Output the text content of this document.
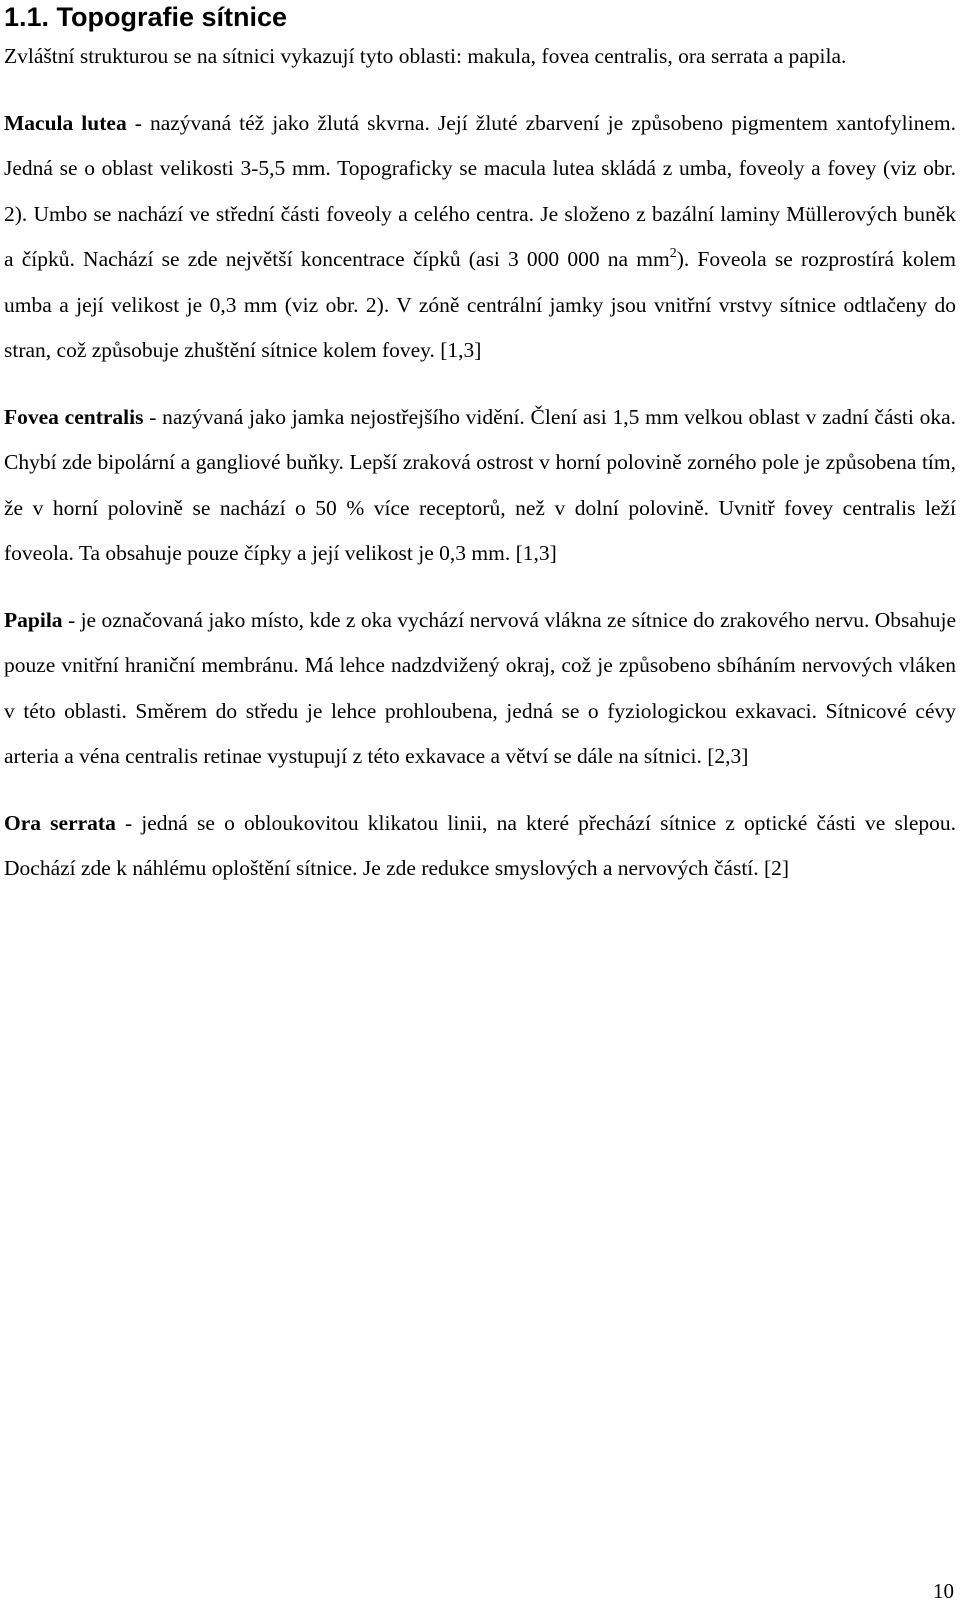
1.1. Topografie sítnice

Zvláštní strukturou se na sítnici vykazují tyto oblasti: makula, fovea centralis, ora serrata a papila.

Macula lutea - nazývaná též jako žlutá skvrna. Její žluté zbarvení je způsobeno pigmentem xantofylinem. Jedná se o oblast velikosti 3-5,5 mm. Topograficky se macula lutea skládá z umba, foveoly a fovey (viz obr. 2). Umbo se nachází ve střední části foveoly a celého centra. Je složeno z bazální laminy Müllerových buněk a čípků. Nachází se zde největší koncentrace čípků (asi 3 000 000 na $mm^2$). Foveola se rozprostírá kolem umba a její velikost je 0,3 mm (viz obr. 2). V zóně centrální jamky jsou vnitřní vrstvy sítnice odtlačeny do stran, což způsobuje zhuštění sítnice kolem fovey. [1,3]

Fovea centralis - nazývaná jako jamka nejostřejšího vidění. Člení asi 1,5 mm velkou oblast v zadní části oka. Chybí zde bipolární a gangliové buňky. Lepší zraková ostrost v horní polovině zorného pole je způsobena tím, že v horní polovině se nachází o 50 % více receptorů, než v dolní polovině. Uvnitř fovey centralis leží foveola. Ta obsahuje pouze čípky a její velikost je 0,3 mm. [1,3]

Papila - je označovaná jako místo, kde z oka vychází nervová vlákna ze sítnice do zrakového nervu. Obsahuje pouze vnitřní hraniční membránu. Má lehce nadzdvižený okraj, což je způsobeno sbíháním nervových vláken v této oblasti. Směrem do středu je lehce prohloubena, jedná se o fyziologickou exkavaci. Sítnicové cévy arteria a véna centralis retinae vystupují z této exkavace a větví se dále na sítnici. [2,3]

Ora serrata - jedná se o obloukovitou klikatou linii, na které přechází sítnice z optické části ve slepou. Dochází zde k náhlému oploštění sítnice. Je zde redukce smyslových a nervových částí. [2]

10
